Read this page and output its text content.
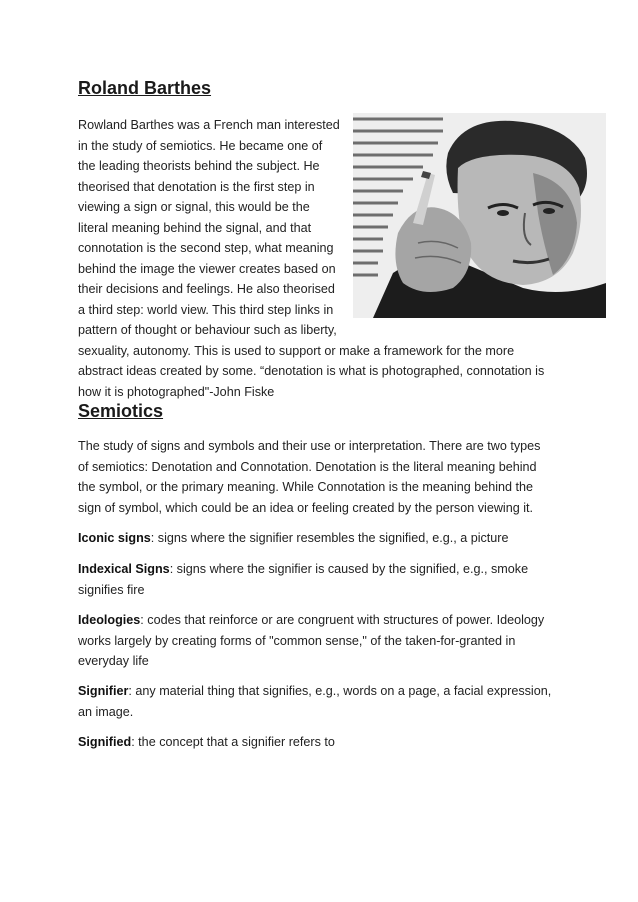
Roland Barthes
Rowland Barthes was a French man interested
in the study of semiotics. He became one of
the leading theorists behind the subject. He
theorised that denotation is the first step in
viewing a sign or signal, this would be the
literal meaning behind the signal, and that
connotation is the second step, what meaning
behind the image the viewer creates based on
their decisions and feelings. He also theorised
a third step: world view. This third step links in
pattern of thought or behaviour such as liberty,
sexuality, autonomy. This is used to support or make a framework for the more
abstract ideas created by some. “denotation is what is photographed, connotation is
how it is photographed"-John Fiske
Semiotics
The study of signs and symbols and their use or interpretation. There are two types
of semiotics: Denotation and Connotation. Denotation is the literal meaning behind
the symbol, or the primary meaning. While Connotation is the meaning behind the
sign of symbol, which could be an idea or feeling created by the person viewing it.

Iconic signs: signs where the signifier resembles the signified, e.g., a picture

Indexical Signs: signs where the signifier is caused by the signified, e.g., smoke signifies fire

Ideologies: codes that reinforce or are congruent with structures of power. Ideology works largely by creating forms of "common sense," of the taken-for-granted in everyday life

Signifier: any material thing that signifies, e.g., words on a page, a facial expression, an image.

Signified: the concept that a signifier refers to
